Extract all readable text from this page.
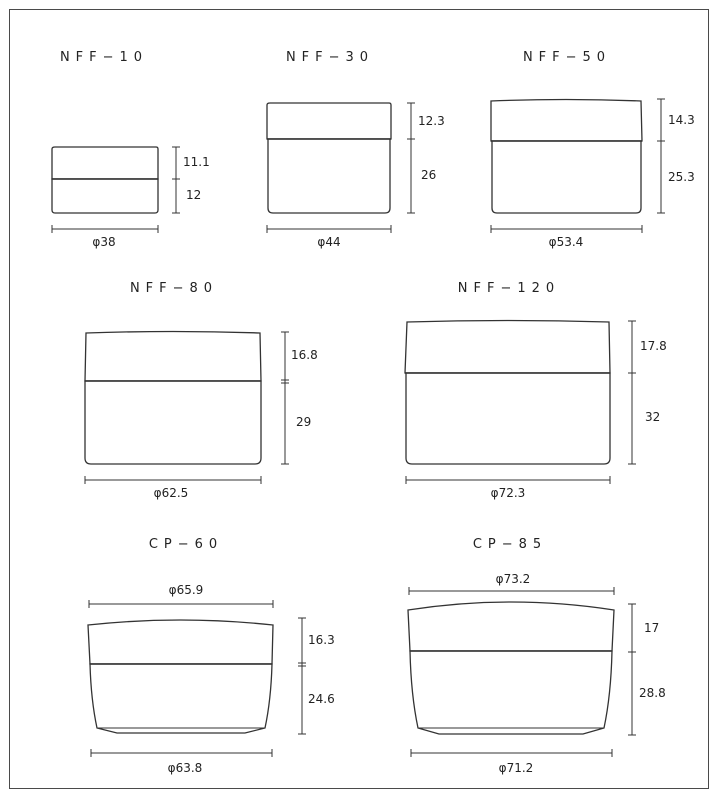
NFF−10
11.1
12
φ38
NFF−30
12.3
26
φ44
NFF−50
14.3
25.3
φ53.4
NFF−80
16.8
29
φ62.5
NFF−120
17.8
32
φ72.3
CP−60
φ65.9
16.3
24.6
φ63.8
CP−85
φ73.2
17
28.8
φ71.2
